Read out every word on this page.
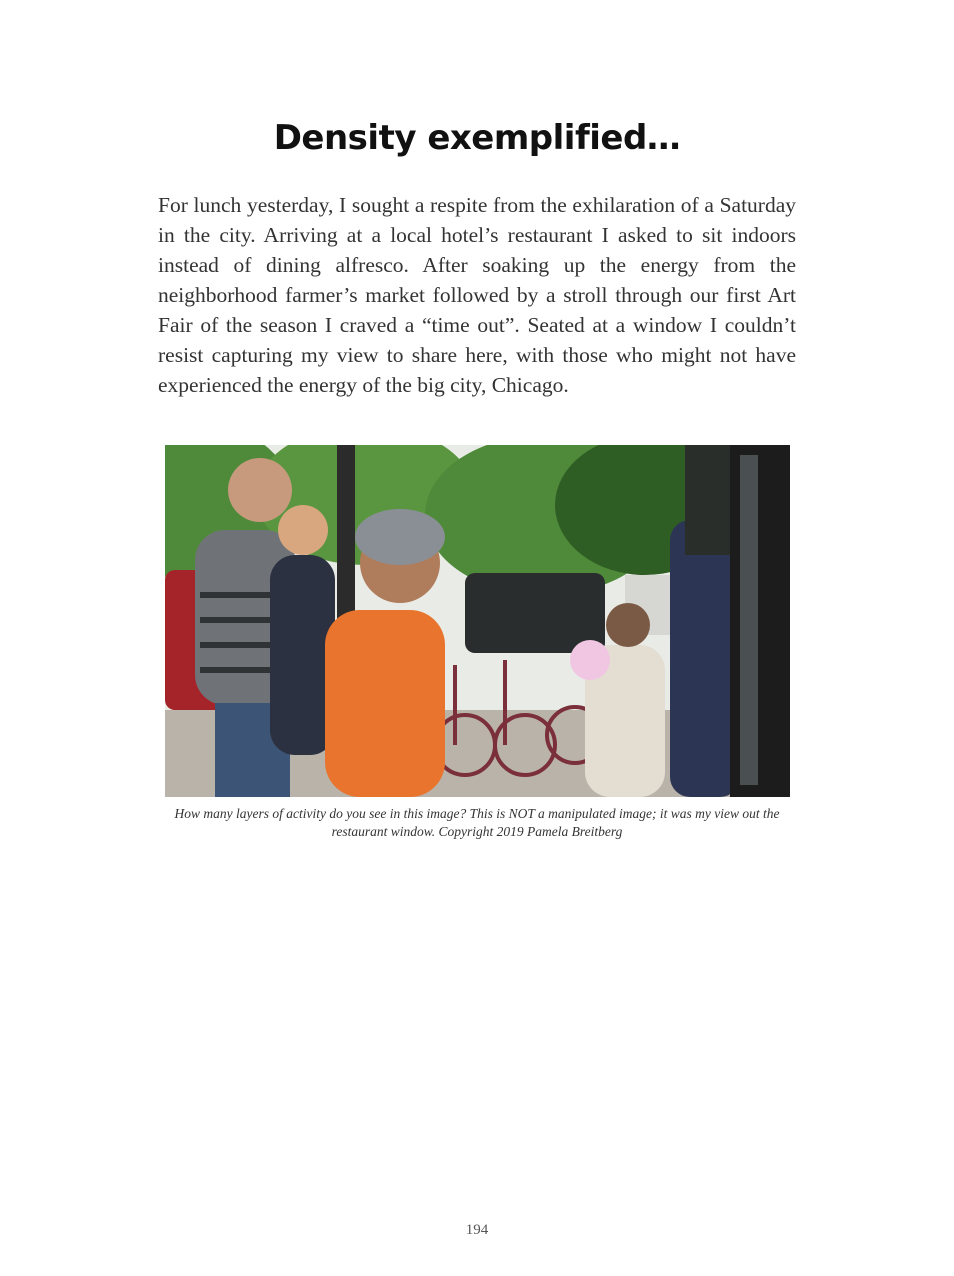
Density exemplified…

For lunch yesterday, I sought a respite from the exhilaration of a Saturday in the city. Arriving at a local hotel’s restaurant I asked to sit indoors instead of dining alfresco. After soaking up the energy from the neighborhood farmer’s market followed by a stroll through our first Art Fair of the season I craved a “time out”. Seated at a window I couldn’t resist capturing my view to share here, with those who might not have experienced the energy of the big city, Chicago.

How many layers of activity do you see in this image? This is NOT a manipulated image; it was my view out the restaurant window. Copyright 2019 Pamela Breitberg

194
